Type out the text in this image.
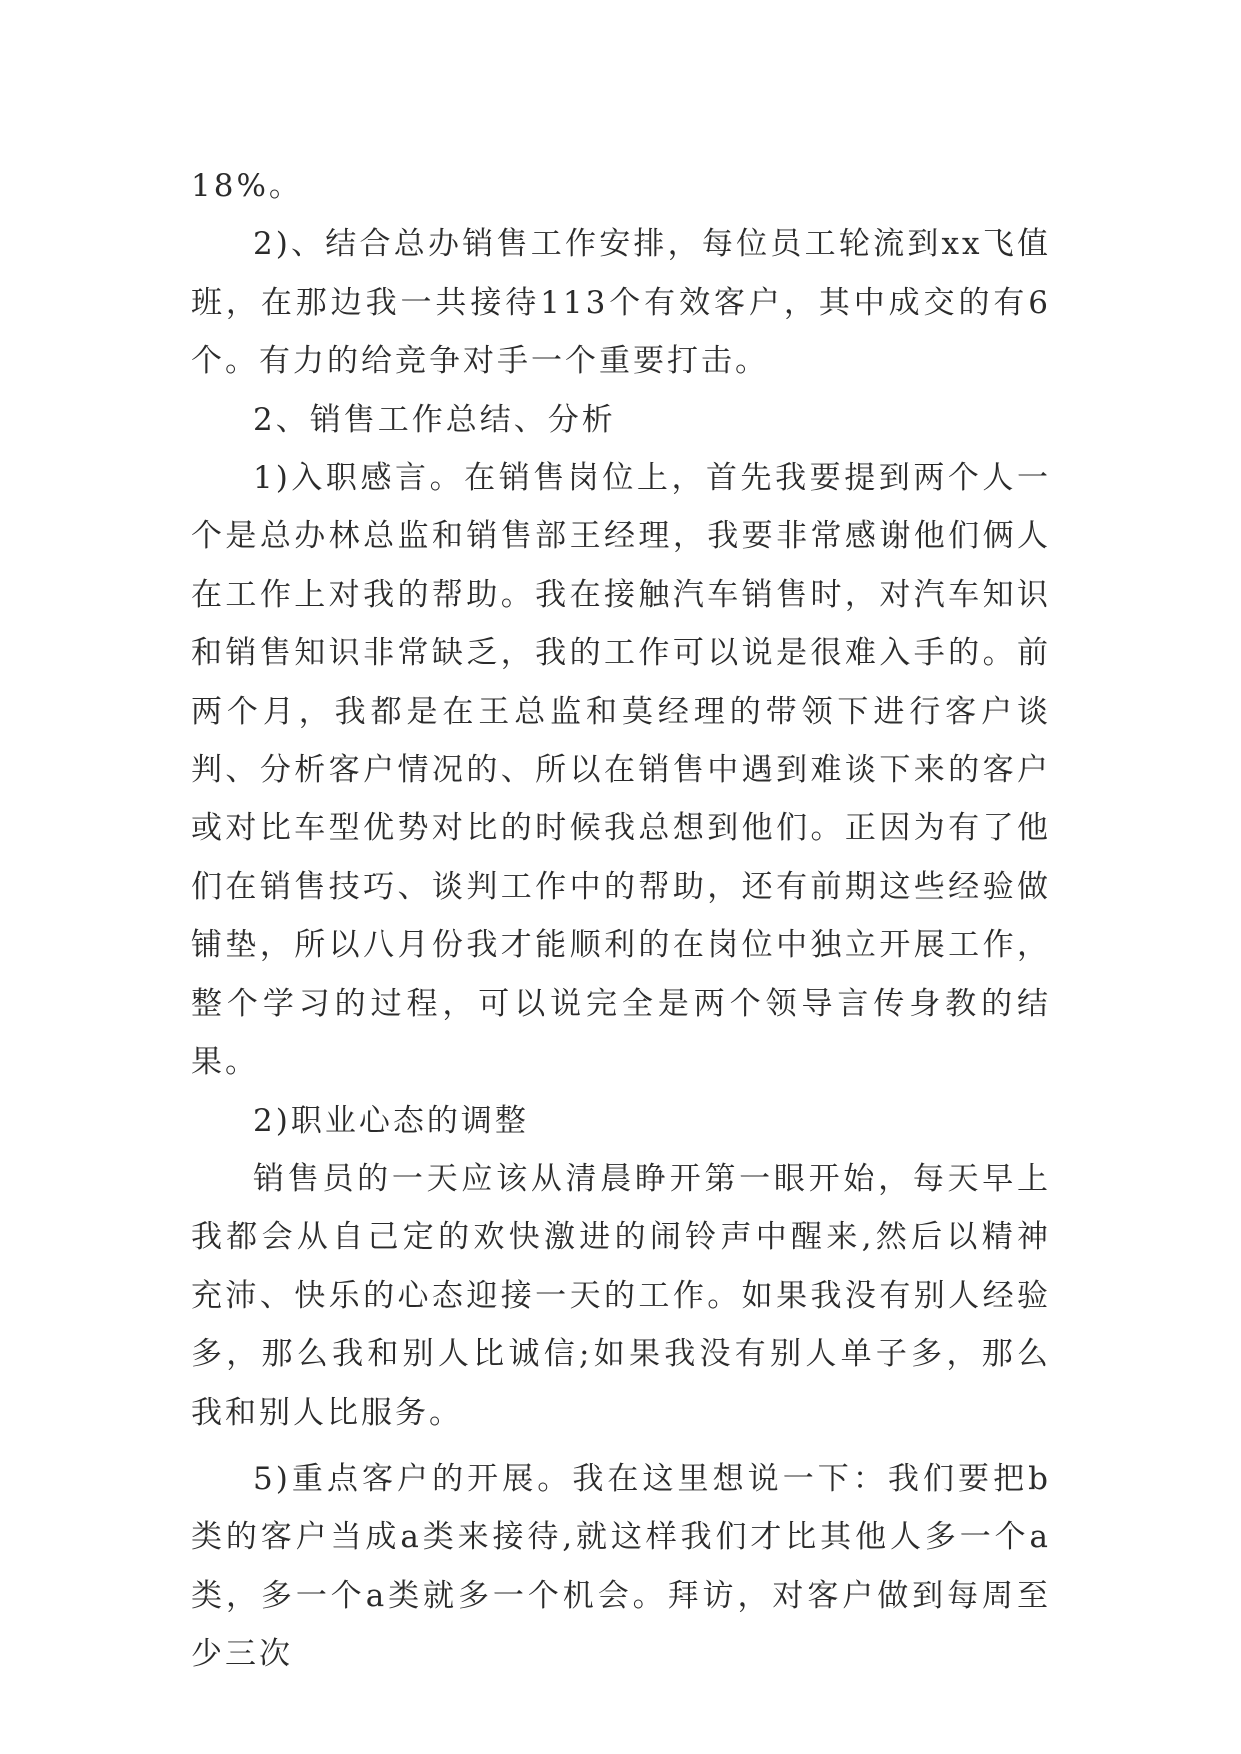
18%。

2)、结合总办销售工作安排，每位员工轮流到xx飞值班，在那边我一共接待113个有效客户，其中成交的有6个。有力的给竞争对手一个重要打击。

2、销售工作总结、分析

1)入职感言。在销售岗位上，首先我要提到两个人一个是总办林总监和销售部王经理，我要非常感谢他们俩人在工作上对我的帮助。我在接触汽车销售时，对汽车知识和销售知识非常缺乏，我的工作可以说是很难入手的。前两个月，我都是在王总监和莫经理的带领下进行客户谈判、分析客户情况的、所以在销售中遇到难谈下来的客户或对比车型优势对比的时候我总想到他们。正因为有了他们在销售技巧、谈判工作中的帮助，还有前期这些经验做铺垫，所以八月份我才能顺利的在岗位中独立开展工作，整个学习的过程，可以说完全是两个领导言传身教的结果。

2)职业心态的调整

销售员的一天应该从清晨睁开第一眼开始，每天早上我都会从自己定的欢快激进的闹铃声中醒来,然后以精神充沛、快乐的心态迎接一天的工作。如果我没有别人经验多，那么我和别人比诚信;如果我没有别人单子多，那么我和别人比服务。

5)重点客户的开展。我在这里想说一下：我们要把b类的客户当成a类来接待,就这样我们才比其他人多一个a类，多一个a类就多一个机会。拜访，对客户做到每周至少三次
